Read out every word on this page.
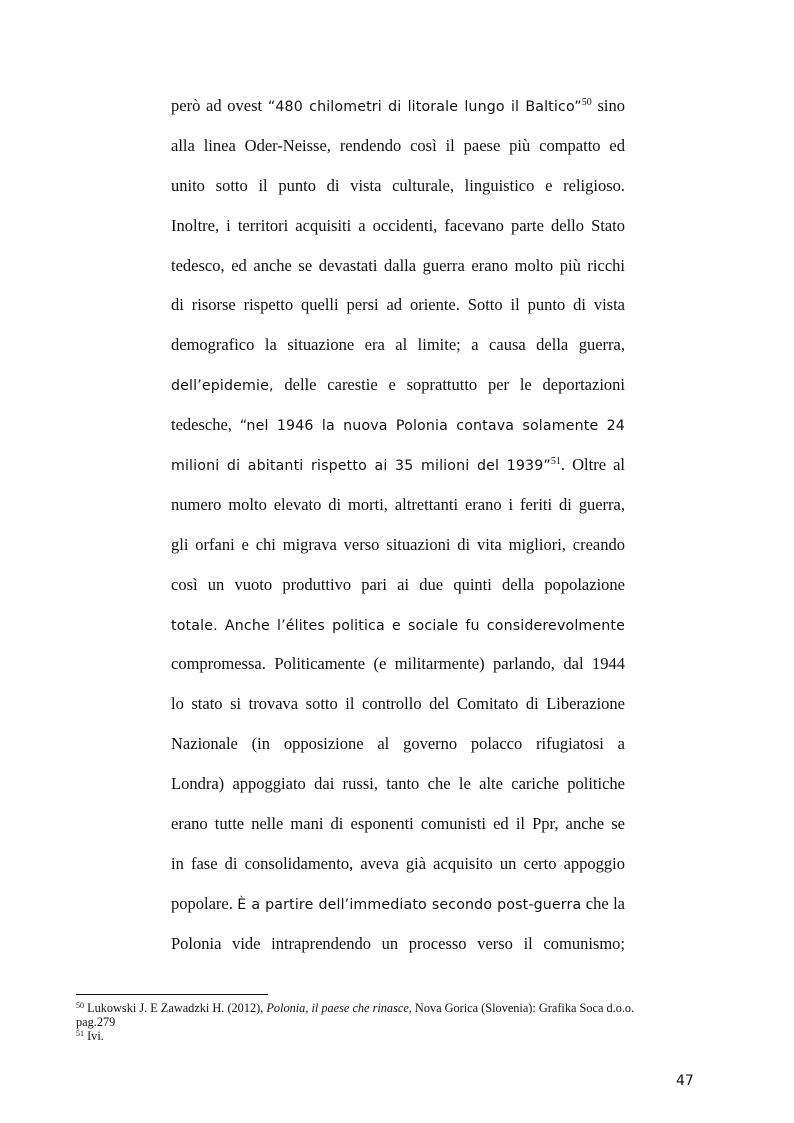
però ad ovest “480 chilometri di litorale lungo il Baltico”$^{50}$ sino
alla linea Oder-Neisse, rendendo così il paese più compatto ed
unito sotto il punto di vista culturale, linguistico e religioso.
Inoltre, i territori acquisiti a occidenti, facevano parte dello Stato
tedesco, ed anche se devastati dalla guerra erano molto più ricchi
di risorse rispetto quelli persi ad oriente. Sotto il punto di vista
demografico la situazione era al limite; a causa della guerra,
dell’epidemie, delle carestie e soprattutto per le deportazioni
tedesche, “nel 1946 la nuova Polonia contava solamente 24
milioni di abitanti rispetto ai 35 milioni del 1939”$^{51}$. Oltre al
numero molto elevato di morti, altrettanti erano i feriti di guerra,
gli orfani e chi migrava verso situazioni di vita migliori, creando
così un vuoto produttivo pari ai due quinti della popolazione
totale. Anche l’élites politica e sociale fu considerevolmente
compromessa. Politicamente (e militarmente) parlando, dal 1944
lo stato si trovava sotto il controllo del Comitato di Liberazione
Nazionale (in opposizione al governo polacco rifugiatosi a
Londra) appoggiato dai russi, tanto che le alte cariche politiche
erano tutte nelle mani di esponenti comunisti ed il Ppr, anche se
in fase di consolidamento, aveva già acquisito un certo appoggio
popolare. È a partire dell’immediato secondo post-guerra che la
Polonia vide intraprendendo un processo verso il comunismo;
$^{50}$ Lukowski J. E Zawadzki H. (2012), Polonia, il paese che rinasce, Nova Gorica (Slovenia): Grafika Soca d.o.o.
pag.279
$^{51}$ Ivi.
47
